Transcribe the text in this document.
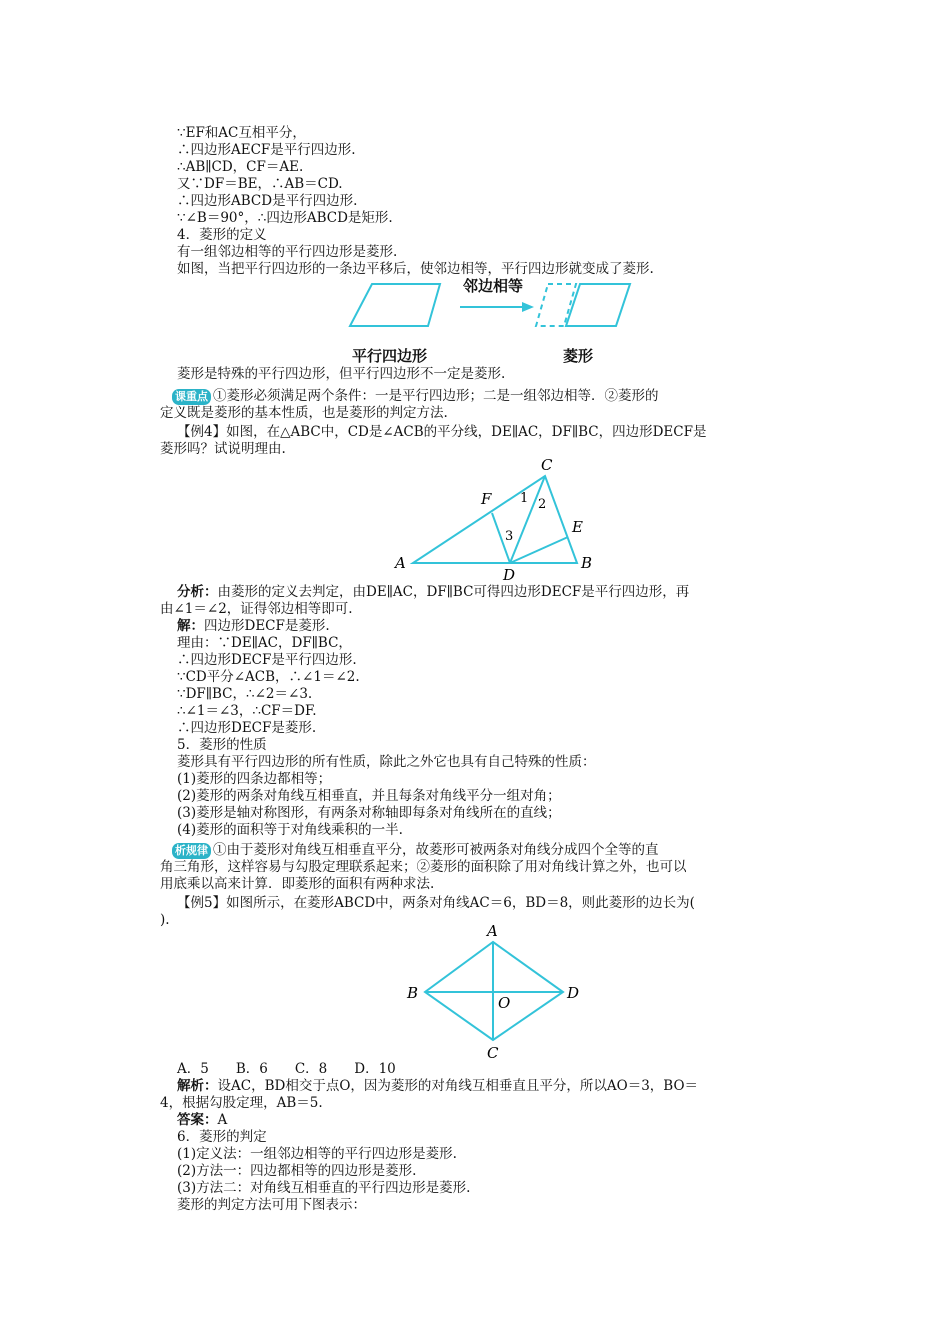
∵EF和AC互相平分，
∴四边形AECF是平行四边形.
∴AB∥CD，CF＝AE.
又∵DF＝BE，∴AB＝CD.
∴四边形ABCD是平行四边形.
∵∠B＝90°，∴四边形ABCD是矩形.
4．菱形的定义
有一组邻边相等的平行四边形是菱形.
如图，当把平行四边形的一条边平移后，使邻边相等，平行四边形就变成了菱形.
邻边相等
平行四边形	菱形
菱形是特殊的平行四边形，但平行四边形不一定是菱形.
课重点 ①菱形必须满足两个条件：一是平行四边形；二是一组邻边相等．②菱形的
定义既是菱形的基本性质，也是菱形的判定方法.
【例4】如图，在△ABC中，CD是∠ACB的平分线，DE∥AC，DF∥BC，四边形DECF是
菱形吗？试说明理由.
A	B
C
D
E
F 1 2
3
分析：由菱形的定义去判定，由DE∥AC，DF∥BC可得四边形DECF是平行四边形，再
由∠1＝∠2，证得邻边相等即可.
解：四边形DECF是菱形.
理由：∵DE∥AC，DF∥BC，
∴四边形DECF是平行四边形.
∵CD平分∠ACB，∴∠1＝∠2.
∵DF∥BC，∴∠2＝∠3.
∴∠1＝∠3，∴CF＝DF.
∴四边形DECF是菱形.
5．菱形的性质
菱形具有平行四边形的所有性质，除此之外它也具有自己特殊的性质：
(1)菱形的四条边都相等；
(2)菱形的两条对角线互相垂直，并且每条对角线平分一组对角；
(3)菱形是轴对称图形，有两条对称轴即每条对角线所在的直线；
(4)菱形的面积等于对角线乘积的一半.
析规律 ①由于菱形对角线互相垂直平分，故菱形可被两条对角线分成四个全等的直
角三角形，这样容易与勾股定理联系起来；②菱形的面积除了用对角线计算之外，也可以
用底乘以高来计算．即菱形的面积有两种求法.
【例5】如图所示，在菱形ABCD中，两条对角线AC＝6，BD＝8，则此菱形的边长为(
).
A
B
C
D
O
A．5　　B．6　　C．8　　D．10
解析：设AC，BD相交于点O，因为菱形的对角线互相垂直且平分，所以AO＝3，BO＝
4，根据勾股定理，AB＝5.
答案：A
6．菱形的判定
(1)定义法：一组邻边相等的平行四边形是菱形.
(2)方法一：四边都相等的四边形是菱形.
(3)方法二：对角线互相垂直的平行四边形是菱形.
菱形的判定方法可用下图表示：
